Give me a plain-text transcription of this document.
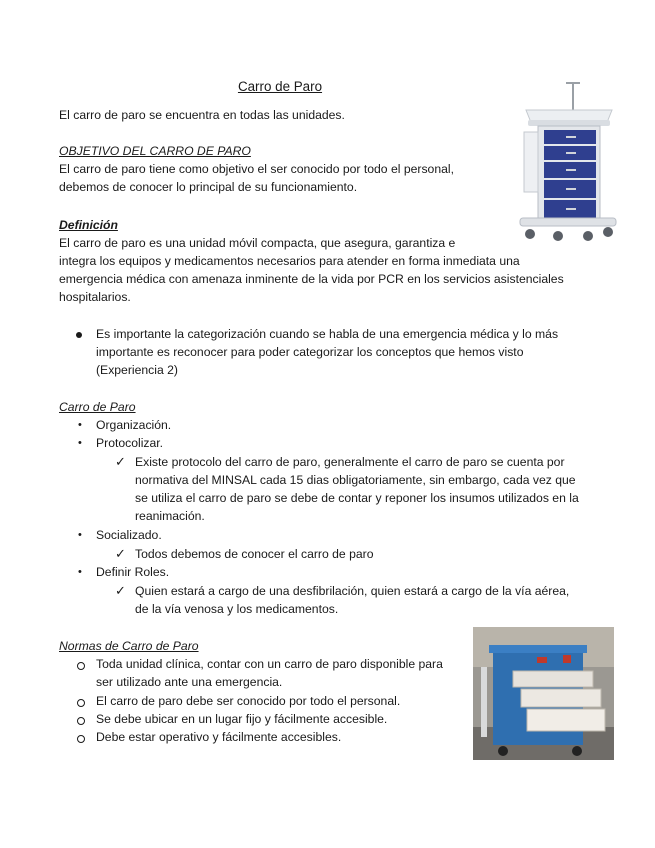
Carro de Paro
El carro de paro se encuentra en todas las unidades.
OBJETIVO DEL CARRO DE PARO
El carro de paro tiene como objetivo el ser conocido por todo el personal,
debemos de conocer lo principal de su funcionamiento.
Definición
El carro de paro es una unidad móvil compacta, que asegura, garantiza e
integra los equipos y medicamentos necesarios para atender en forma inmediata una
emergencia médica con amenaza inminente de la vida por PCR en los servicios asistenciales
hospitalarios.
Es importante la categorización cuando se habla de una emergencia médica y lo más
importante es reconocer para poder categorizar los conceptos que hemos visto
(Experiencia 2)
Carro de Paro
• Organización.
• Protocolizar.
✓ Existe protocolo del carro de paro, generalmente el carro de paro se cuenta por
normativa del MINSAL cada 15 dias obligatoriamente, sin embargo, cada vez que
se utiliza el carro de paro se debe de contar y reponer los insumos utilizados en la
reanimación.
• Socializado.
✓ Todos debemos de conocer el carro de paro
• Definir Roles.
✓ Quien estará a cargo de una desfibrilación, quien estará a cargo de la vía aérea,
de la vía venosa y los medicamentos.
Normas de Carro de Paro
Toda unidad clínica, contar con un carro de paro disponible para
ser utilizado ante una emergencia.
El carro de paro debe ser conocido por todo el personal.
Se debe ubicar en un lugar fijo y fácilmente accesible.
Debe estar operativo y fácilmente accesibles.
